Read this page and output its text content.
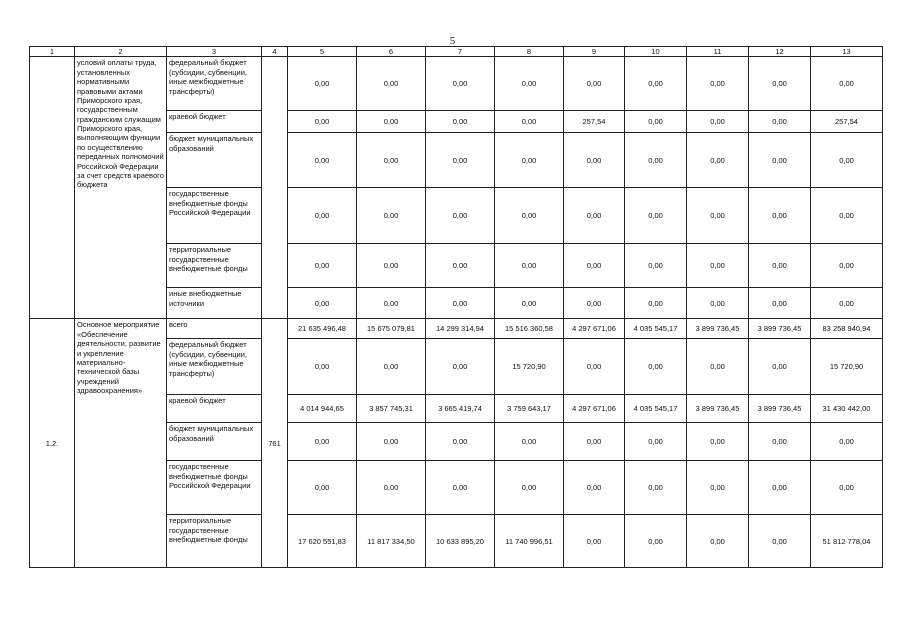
5
1	2	3	4	5	6	7	8	9	10	11	12	13
	условий оплаты труда, установленных нормативными правовыми актами Приморского края, государственным гражданским служащим Приморского края, выполняющим функции по осуществлению переданных полномочий Российской Федерации за счет средств краевого бюджета	федеральный бюджет (субсидии, субвенции, иные межбюджетные трансферты)		0,00	0,00	0,00	0,00	0,00	0,00	0,00	0,00	0,00
		краевой бюджет		0,00	0,00	0,00	0,00	257,54	0,00	0,00	0,00	257,54
		бюджет муниципальных образований		0,00	0,00	0,00	0,00	0,00	0,00	0,00	0,00	0,00
		государственные внебюджетные фонды Российской Федерации		0,00	0,00	0,00	0,00	0,00	0,00	0,00	0,00	0,00
		территориальные государственные внебюджетные фонды		0,00	0,00	0,00	0,00	0,00	0,00	0,00	0,00	0,00
		иные внебюджетные источники		0,00	0,00	0,00	0,00	0,00	0,00	0,00	0,00	0,00
1.2.	Основное мероприятие «Обеспечение деятельности, развитие и укрепление материально-технической базы учреждений здравоохранения»	всего	761	21 635 496,48	15 675 079,81	14 299 314,94	15 516 360,58	4 297 671,06	4 035 545,17	3 899 736,45	3 899 736,45	83 258 940,94
		федеральный бюджет (субсидии, субвенции, иные межбюджетные трансферты)		0,00	0,00	0,00	15 720,90	0,00	0,00	0,00	0,00	15 720,90
		краевой бюджет		4 014 944,65	3 857 745,31	3 665 419,74	3 759 643,17	4 297 671,06	4 035 545,17	3 899 736,45	3 899 736,45	31 430 442,00
		бюджет муниципальных образований		0,00	0,00	0,00	0,00	0,00	0,00	0,00	0,00	0,00
		государственные внебюджетные фонды Российской Федерации		0,00	0,00	0,00	0,00	0,00	0,00	0,00	0,00	0,00
		территориальные государственные внебюджетные фонды		17 620 551,83	11 817 334,50	10 633 895,20	11 740 996,51	0,00	0,00	0,00	0,00	51 812 778,04
